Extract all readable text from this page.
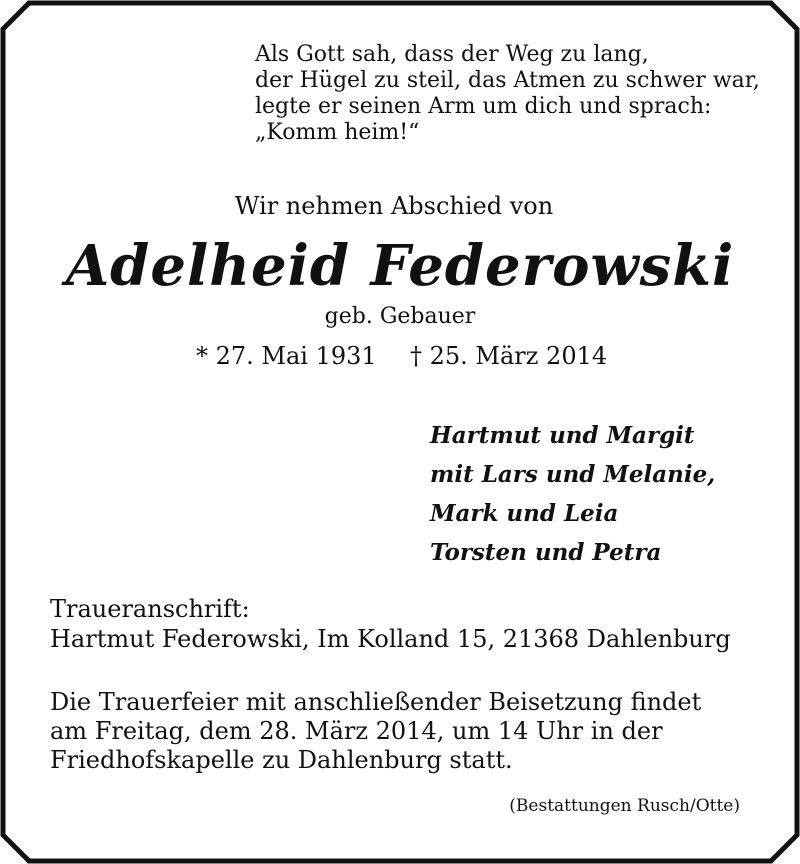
Als Gott sah, dass der Weg zu lang,
der Hügel zu steil, das Atmen zu schwer war,
legte er seinen Arm um dich und sprach:
„Komm heim!“
Wir nehmen Abschied von
Adelheid Federowski
geb. Gebauer
* 27. Mai 1931 † 25. März 2014
Hartmut und Margit
mit Lars und Melanie,
Mark und Leia
Torsten und Petra
Traueranschrift:
Hartmut Federowski, Im Kolland 15, 21368 Dahlenburg
Die Trauerfeier mit anschließender Beisetzung findet
am Freitag, dem 28. März 2014, um 14 Uhr in der
Friedhofskapelle zu Dahlenburg statt.
(Bestattungen Rusch/Otte)
